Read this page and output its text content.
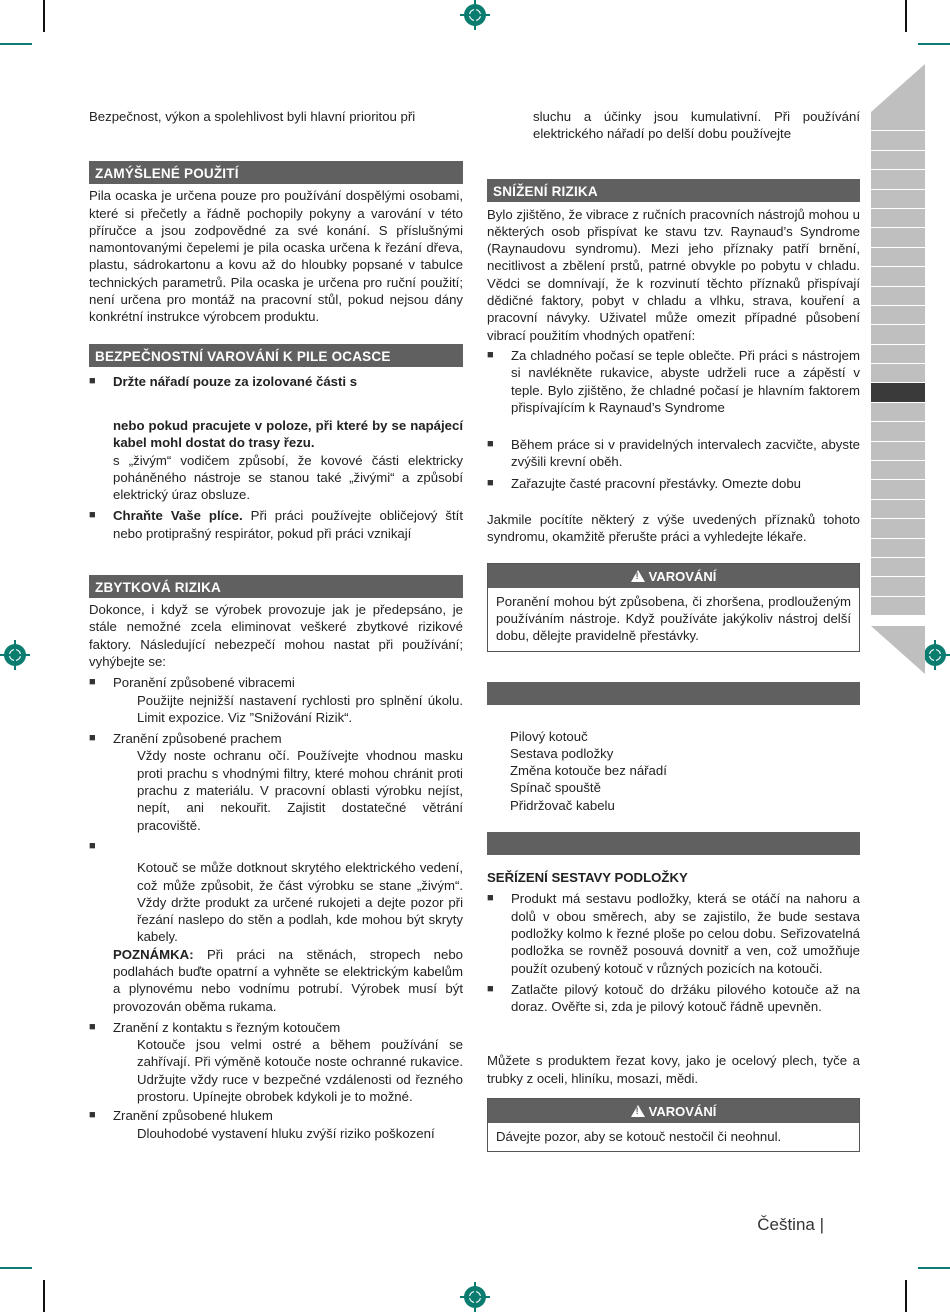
Bezpečnost, výkon a spolehlivost byli hlavní prioritou při

ZAMÝŠLENÉ POUŽITÍ

Pila ocaska je určena pouze pro používání dospělými osobami, které si přečetly a řádně pochopily pokyny a varování v této příručce a jsou zodpovědné za své konání. S příslušnými namontovanými čepelemi je pila ocaska určena k řezání dřeva, plastu, sádrokartonu a kovu až do hloubky popsané v tabulce technických parametrů. Pila ocaska je určena pro ruční použití; není určena pro montáž na pracovní stůl, pokud nejsou dány konkrétní instrukce výrobcem produktu.

BEZPEČNOSTNÍ VAROVÁNÍ K PILE OCASCE

■ Držte nářadí pouze za izolované části s

nebo pokud pracujete v poloze, při které by se napájecí kabel mohl dostat do trasy řezu.

s „živým“ vodičem způsobí, že kovové části elektricky poháněného nástroje se stanou také „živými“ a způsobí elektrický úraz obsluze.

■ Chraňte Vaše plíce. Při práci používejte obličejový štít nebo protiprašný respirátor, pokud při práci vznikají

ZBYTKOVÁ RIZIKA

Dokonce, i když se výrobek provozuje jak je předepsáno, je stále nemožné zcela eliminovat veškeré zbytkové rizikové faktory. Následující nebezpečí mohou nastat při používání; vyhýbejte se:

■ Poranění způsobené vibracemi

Použijte nejnižší nastavení rychlosti pro splnění úkolu. Limit expozice. Viz ”Snižování Rizik“.

■ Zranění způsobené prachem

Vždy noste ochranu očí. Používejte vhodnou masku proti prachu s vhodnými filtry, které mohou chránit proti prachu z materiálu. V pracovní oblasti výrobku nejíst, nepít, ani nekouřit. Zajistit dostatečné větrání pracoviště.

■

Kotouč se může dotknout skrytého elektrického vedení, což může způsobit, že část výrobku se stane „živým“. Vždy držte produkt za určené rukojeti a dejte pozor při řezání naslepo do stěn a podlah, kde mohou být skryty kabely.

POZNÁMKA: Při práci na stěnách, stropech nebo podlahách buďte opatrní a vyhněte se elektrickým kabelům a plynovému nebo vodnímu potrubí. Výrobek musí být provozován oběma rukama.

■ Zranění z kontaktu s řezným kotoučem

Kotouče jsou velmi ostré a během používání se zahřívají. Při výměně kotouče noste ochranné rukavice. Udržujte vždy ruce v bezpečné vzdálenosti od řezného prostoru. Upínejte obrobek kdykoli je to možné.

■ Zranění způsobené hlukem

Dlouhodobé vystavení hluku zvýší riziko poškození

sluchu a účinky jsou kumulativní. Při používání elektrického nářadí po delší dobu používejte

SNÍŽENÍ RIZIKA

Bylo zjištěno, že vibrace z ručních pracovních nástrojů mohou u některých osob přispívat ke stavu tzv. Raynaud’s Syndrome (Raynaudovu syndromu). Mezi jeho příznaky patří brnění, necitlivost a zbělení prstů, patrné obvykle po pobytu v chladu. Vědci se domnívají, že k rozvinutí těchto příznaků přispívají dědičné faktory, pobyt v chladu a vlhku, strava, kouření a pracovní návyky. Uživatel může omezit případné působení vibrací použitím vhodných opatření:

■ Za chladného počasí se teple oblečte. Při práci s nástrojem si navlékněte rukavice, abyste udrželi ruce a zápěstí v teple. Bylo zjištěno, že chladné počasí je hlavním faktorem přispívajícím k Raynaud’s Syndrome

■ Během práce si v pravidelných intervalech zacvičte, abyste zvýšili krevní oběh.

■ Zařazujte časté pracovní přestávky. Omezte dobu

Jakmile pocítíte některý z výše uvedených příznaků tohoto syndromu, okamžitě přerušte práci a vyhledejte lékaře.

! VAROVÁNÍ
Poranění mohou být způsobena, či zhoršena, prodlouženým používáním nástroje. Když používáte jakýkoliv nástroj delší dobu, dělejte pravidelně přestávky.
Pilový kotouč
Sestava podložky
Změna kotouče bez nářadí
Spínač spouště
Přidržovač kabelu

SEŘÍZENÍ SESTAVY PODLOŽKY

■ Produkt má sestavu podložky, která se otáčí na nahoru a dolů v obou směrech, aby se zajistilo, že bude sestava podložky kolmo k řezné ploše po celou dobu. Seřizovatelná podložka se rovněž posouvá dovnitř a ven, což umožňuje použít ozubený kotouč v různých pozicích na kotouči.

■ Zatlačte pilový kotouč do držáku pilového kotouče až na doraz. Ověřte si, zda je pilový kotouč řádně upevněn.

Můžete s produktem řezat kovy, jako je ocelový plech, tyče a trubky z oceli, hliníku, mosazi, mědi.

! VAROVÁNÍ
Dávejte pozor, aby se kotouč nestočil či neohnul.
Čeština |
